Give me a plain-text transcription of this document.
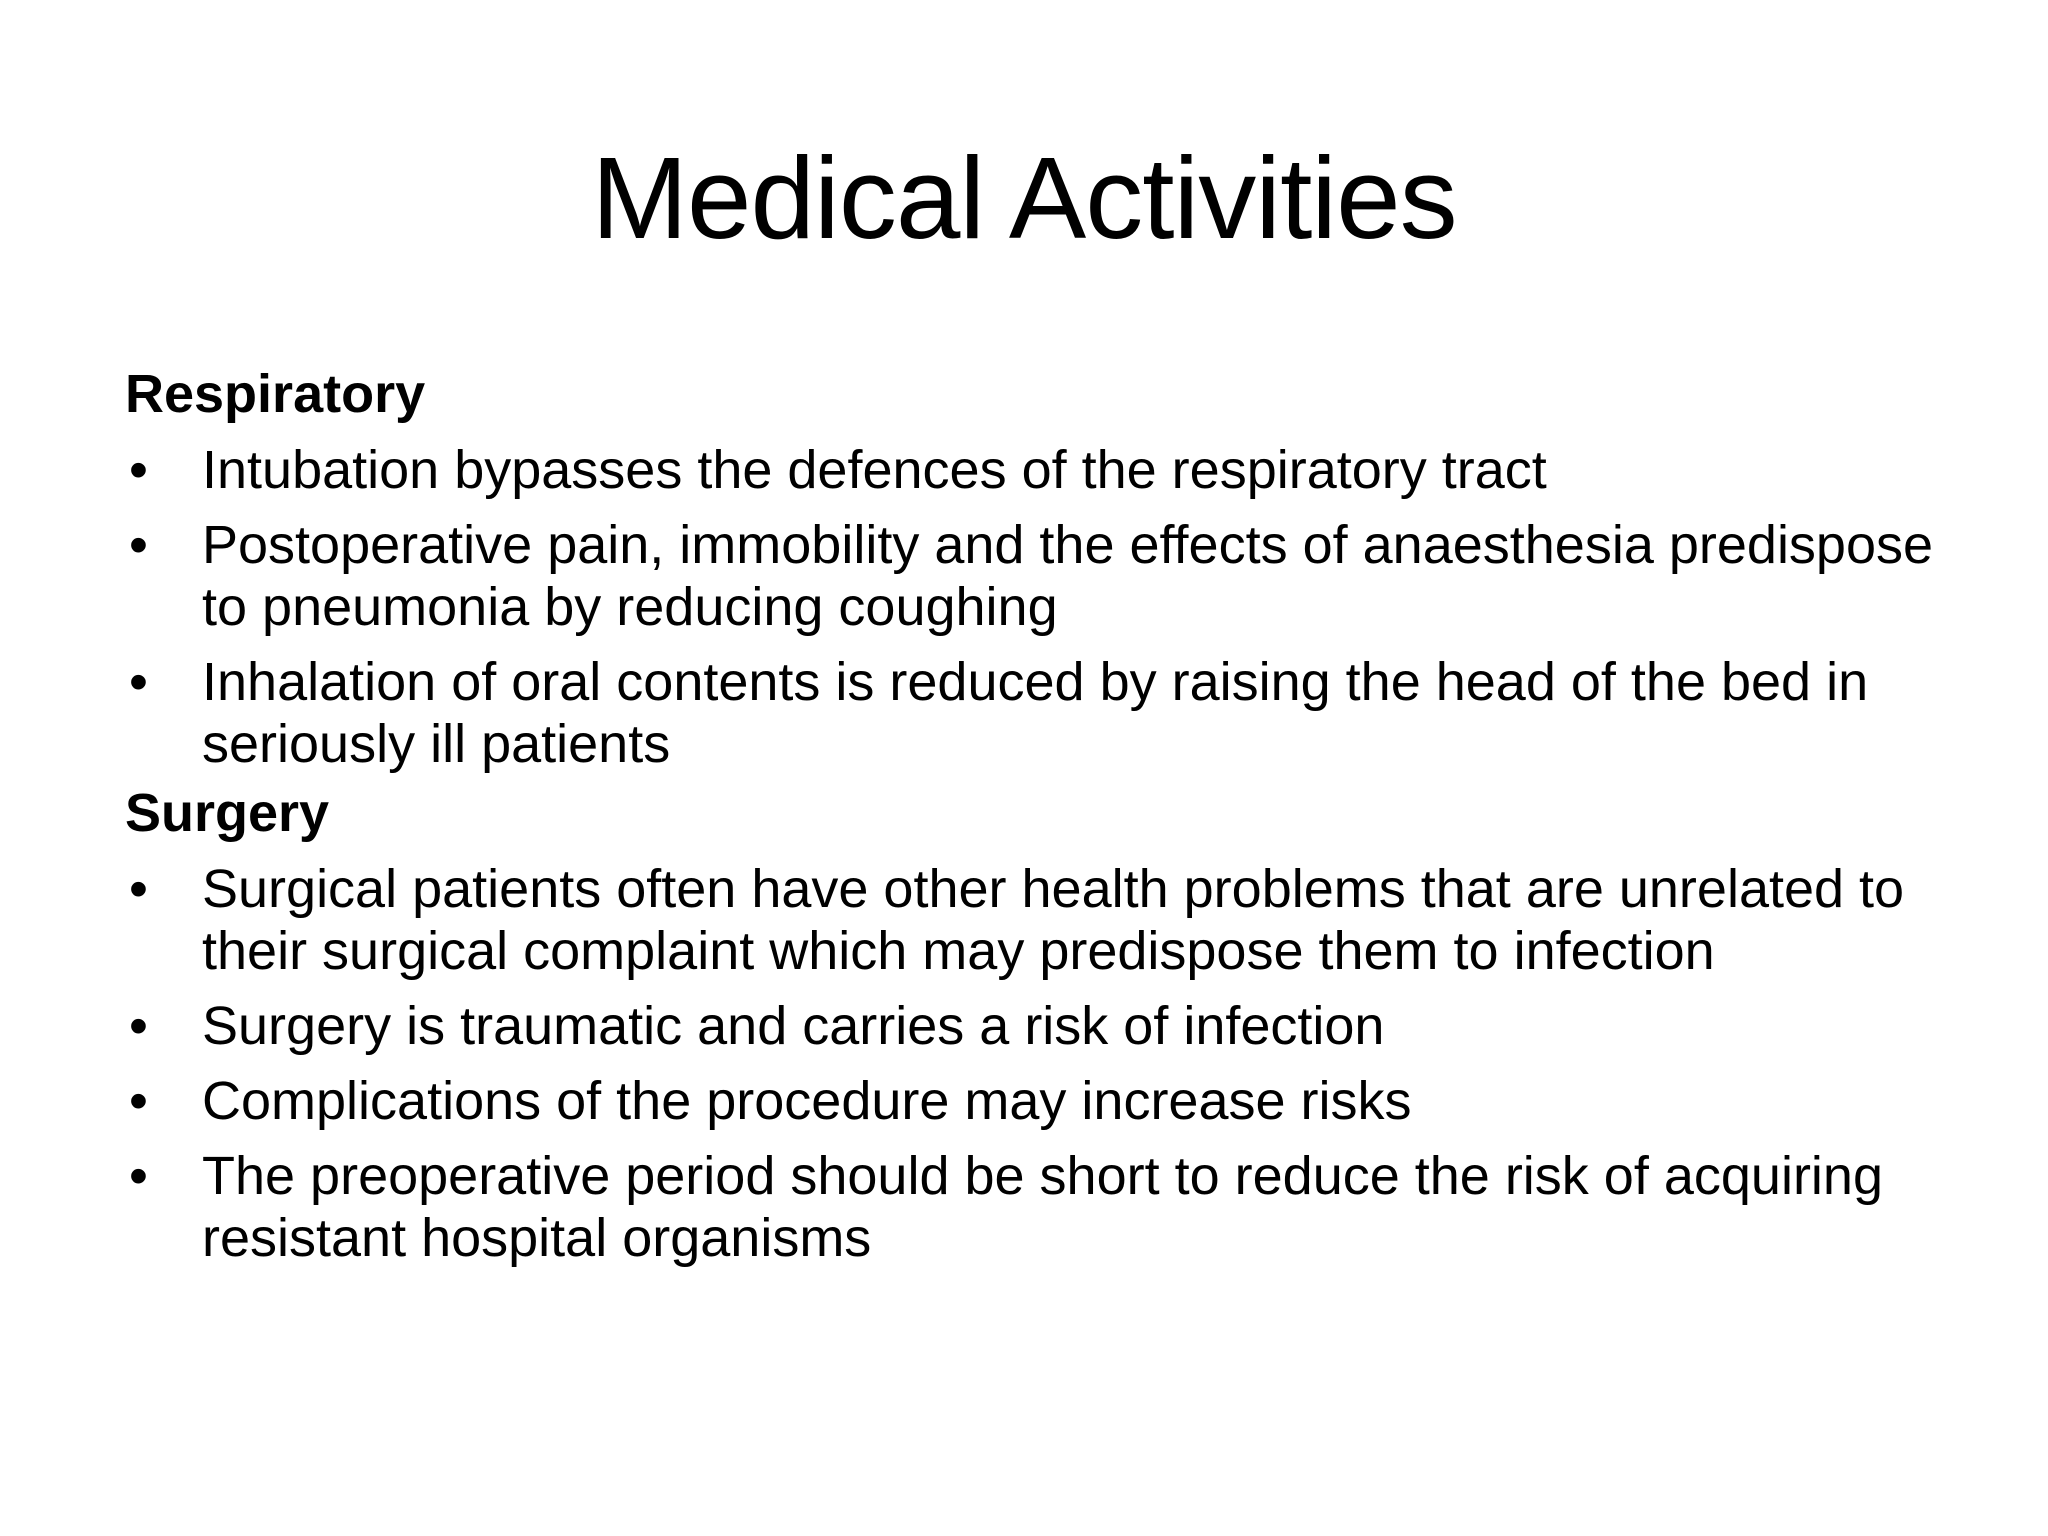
Medical Activities
Respiratory
• Intubation bypasses the defences of the respiratory tract
• Postoperative pain, immobility and the effects of anaesthesia predispose to pneumonia by reducing coughing
• Inhalation of oral contents is reduced by raising the head of the bed in seriously ill patients
Surgery
• Surgical patients often have other health problems that are unrelated to their surgical complaint which may predispose them to infection
• Surgery is traumatic and carries a risk of infection
• Complications of the procedure may increase risks
• The preoperative period should be short to reduce the risk of acquiring resistant hospital organisms
